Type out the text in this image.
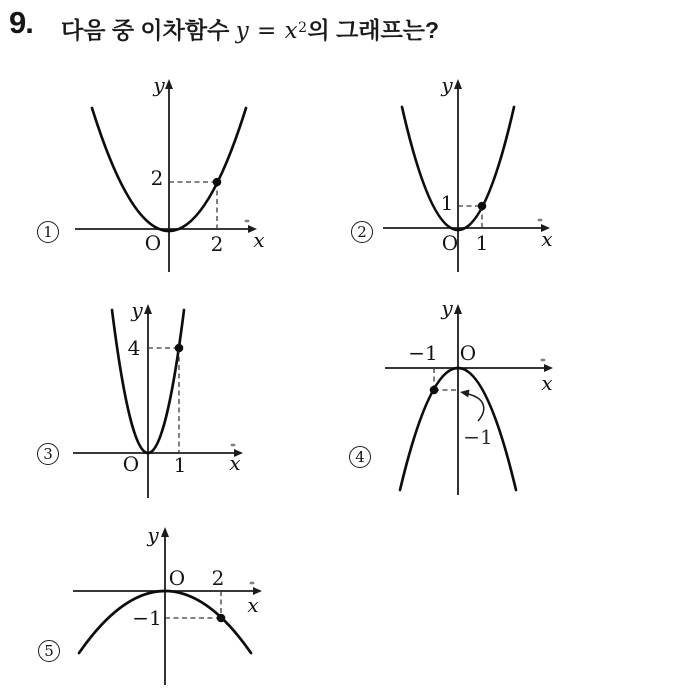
9. 다음 중 이차함수 $y = x^2$의 그래프는?
y
x
O
2
2
1
y
x
O
1
1
2
y
x
O
4
1
3
y
x
O
−1
−1
4
y
x
O 2
−1
5
